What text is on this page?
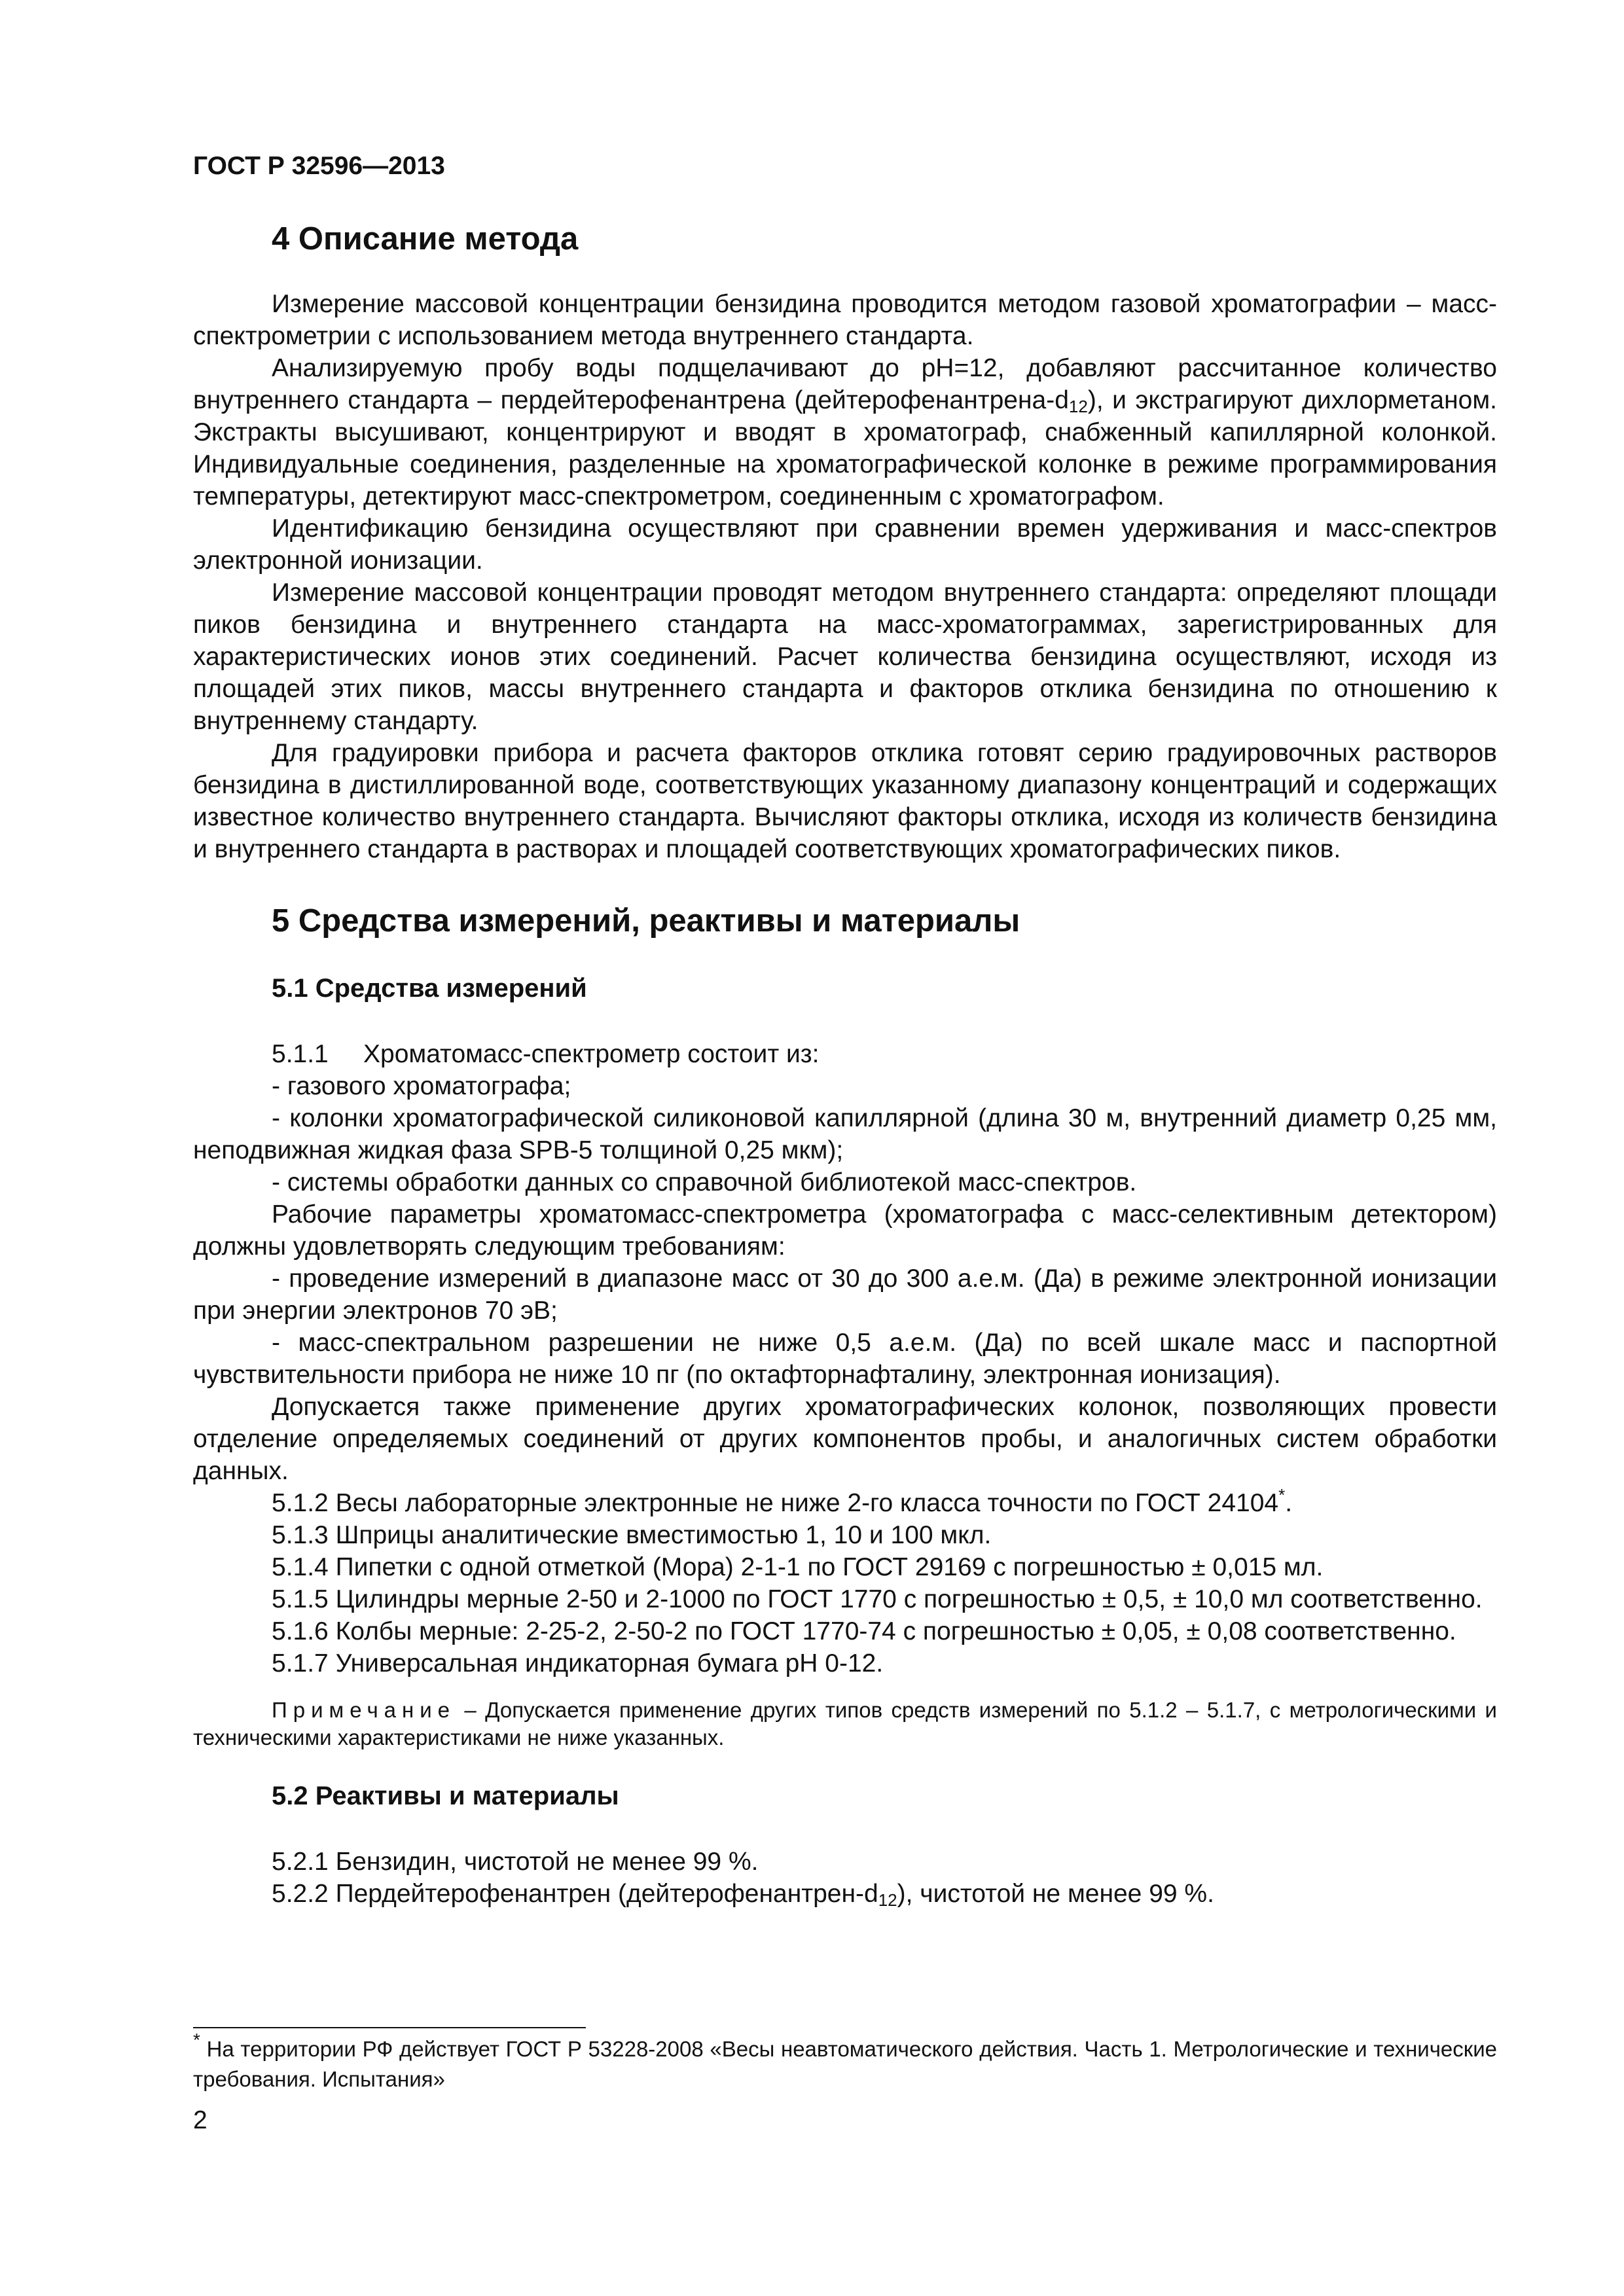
ГОСТ Р 32596—2013
4 Описание метода

Измерение массовой концентрации бензидина проводится методом газовой хроматографии – масс-спектрометрии с использованием метода внутреннего стандарта.

Анализируемую пробу воды подщелачивают до pH=12, добавляют рассчитанное количество внутреннего стандарта – пердейтерофенантрена $(дейтерофенантрена-d_{12})$, и экстрагируют дихлорметаном. Экстракты высушивают, концентрируют и вводят в хроматограф, снабженный капиллярной колонкой. Индивидуальные соединения, разделенные на хроматографической колонке в режиме программирования температуры, детектируют масс-спектрометром, соединенным с хроматографом.

Идентификацию бензидина осуществляют при сравнении времен удерживания и масс-спектров электронной ионизации.

Измерение массовой концентрации проводят методом внутреннего стандарта: определяют площади пиков бензидина и внутреннего стандарта на масс-хроматограммах, зарегистрированных для характеристических ионов этих соединений. Расчет количества бензидина осуществляют, исходя из площадей этих пиков, массы внутреннего стандарта и факторов отклика бензидина по отношению к внутреннему стандарту.

Для градуировки прибора и расчета факторов отклика готовят серию градуировочных растворов бензидина в дистиллированной воде, соответствующих указанному диапазону концентраций и содержащих известное количество внутреннего стандарта. Вычисляют факторы отклика, исходя из количеств бензидина и внутреннего стандарта в растворах и площадей соответствующих хроматографических пиков.

5 Средства измерений, реактивы и материалы
5.1 Средства измерений

5.1.1 Хроматомасс-спектрометр состоит из:

- газового хроматографа;

- колонки хроматографической силиконовой капиллярной (длина 30 м, внутренний диаметр 0,25 мм, неподвижная жидкая фаза SPB-5 толщиной 0,25 мкм);

- системы обработки данных со справочной библиотекой масс-спектров.

Рабочие параметры хроматомасс-спектрометра (хроматографа с масс-селективным детектором) должны удовлетворять следующим требованиям:

- проведение измерений в диапазоне масс от 30 до 300 а.е.м. (Да) в режиме электронной ионизации при энергии электронов 70 эВ;

- масс-спектральном разрешении не ниже 0,5 а.е.м. (Да) по всей шкале масс и паспортной чувствительности прибора не ниже 10 пг (по октафторнафталину, электронная ионизация).

Допускается также применение других хроматографических колонок, позволяющих провести отделение определяемых соединений от других компонентов пробы, и аналогичных систем обработки данных.

5.1.2 Весы лабораторные электронные не ниже 2-го класса точности по ГОСТ 24104*.

5.1.3 Шприцы аналитические вместимостью 1, 10 и 100 мкл.

5.1.4 Пипетки с одной отметкой (Мора) 2-1-1 по ГОСТ 29169 с погрешностью ± 0,015 мл.

5.1.5 Цилиндры мерные 2-50 и 2-1000 по ГОСТ 1770 с погрешностью ± 0,5, ± 10,0 мл соответственно.

5.1.6 Колбы мерные: 2-25-2, 2-50-2 по ГОСТ 1770-74 с погрешностью ± 0,05, ± 0,08 соответственно.

5.1.7 Универсальная индикаторная бумага pH 0-12.

Примечание – Допускается применение других типов средств измерений по 5.1.2 – 5.1.7, с метрологическими и техническими характеристиками не ниже указанных.

5.2 Реактивы и материалы

5.2.1 Бензидин, чистотой не менее 99 %.

5.2.2 Пердейтерофенантрен $(дейтерофенантрен-d_{12})$, чистотой не менее 99 %.

* На территории РФ действует ГОСТ Р 53228-2008 «Весы неавтоматического действия. Часть 1. Метрологические и технические требования. Испытания»
2
